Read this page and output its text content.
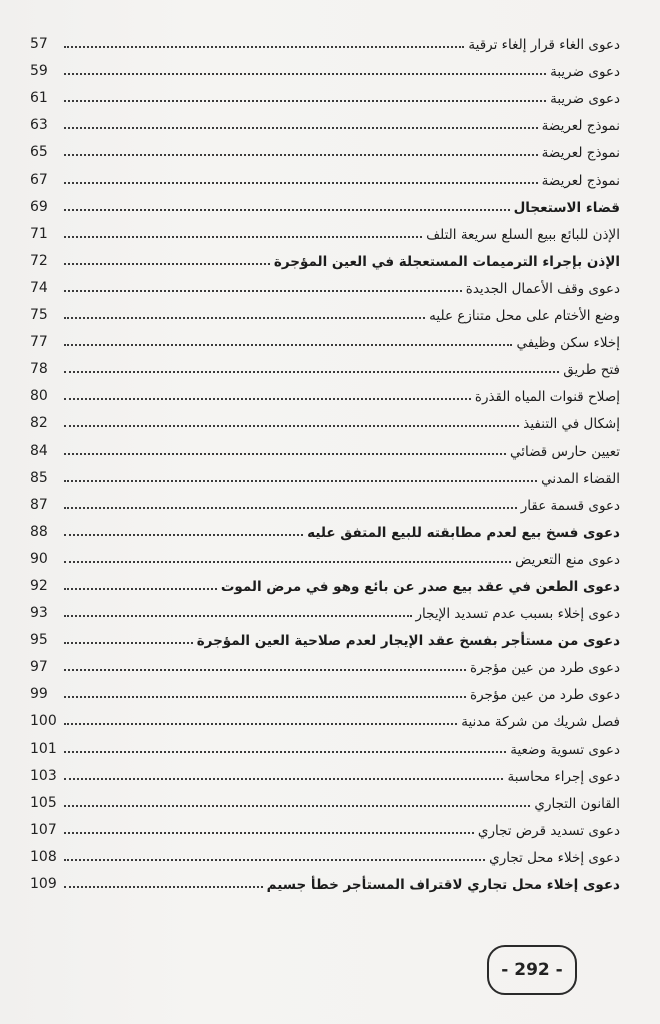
57	دعوى الغاء قرار إلغاء ترقية
59	دعوى ضريبة
61	دعوى ضريبة
63	نموذج لعريضة
65	نموذج لعريضة
67	نموذج لعريضة
69	قضاء الاستعجال
71	الإذن للبائع ببيع السلع سريعة التلف
72	الإذن بإجراء الترميمات المستعجلة في العين المؤجرة
74	دعوى وقف الأعمال الجديدة
75	وضع الأختام على محل متنازع عليه
77	إخلاء سكن وظيفي
78	فتح طريق
80	إصلاح قنوات المياه القذرة
82	إشكال في التنفيذ
84	تعيين حارس قضائي
85	القضاء المدني
87	دعوى قسمة عقار
88	دعوى فسخ بيع لعدم مطابقته للبيع المتفق عليه
90	دعوى منع التعريض
92	دعوى الطعن في عقد بيع صدر عن بائع وهو في مرض الموت
93	دعوى إخلاء بسبب عدم تسديد الإيجار
95	دعوى من مستأجر بفسخ عقد الإيجار لعدم صلاحية العين المؤجرة
97	دعوى طرد من عين مؤجرة
99	دعوى طرد من عين مؤجرة
100	فصل شريك من شركة مدنية
101	دعوى تسوية وضعية
103	دعوى إجراء محاسبة
105	القانون التجاري
107	دعوى تسديد قرض تجاري
108	دعوى إخلاء محل تجاري
109	دعوى إخلاء محل تجاري لاقتراف المستأجر خطأ جسيم
- 292 -
